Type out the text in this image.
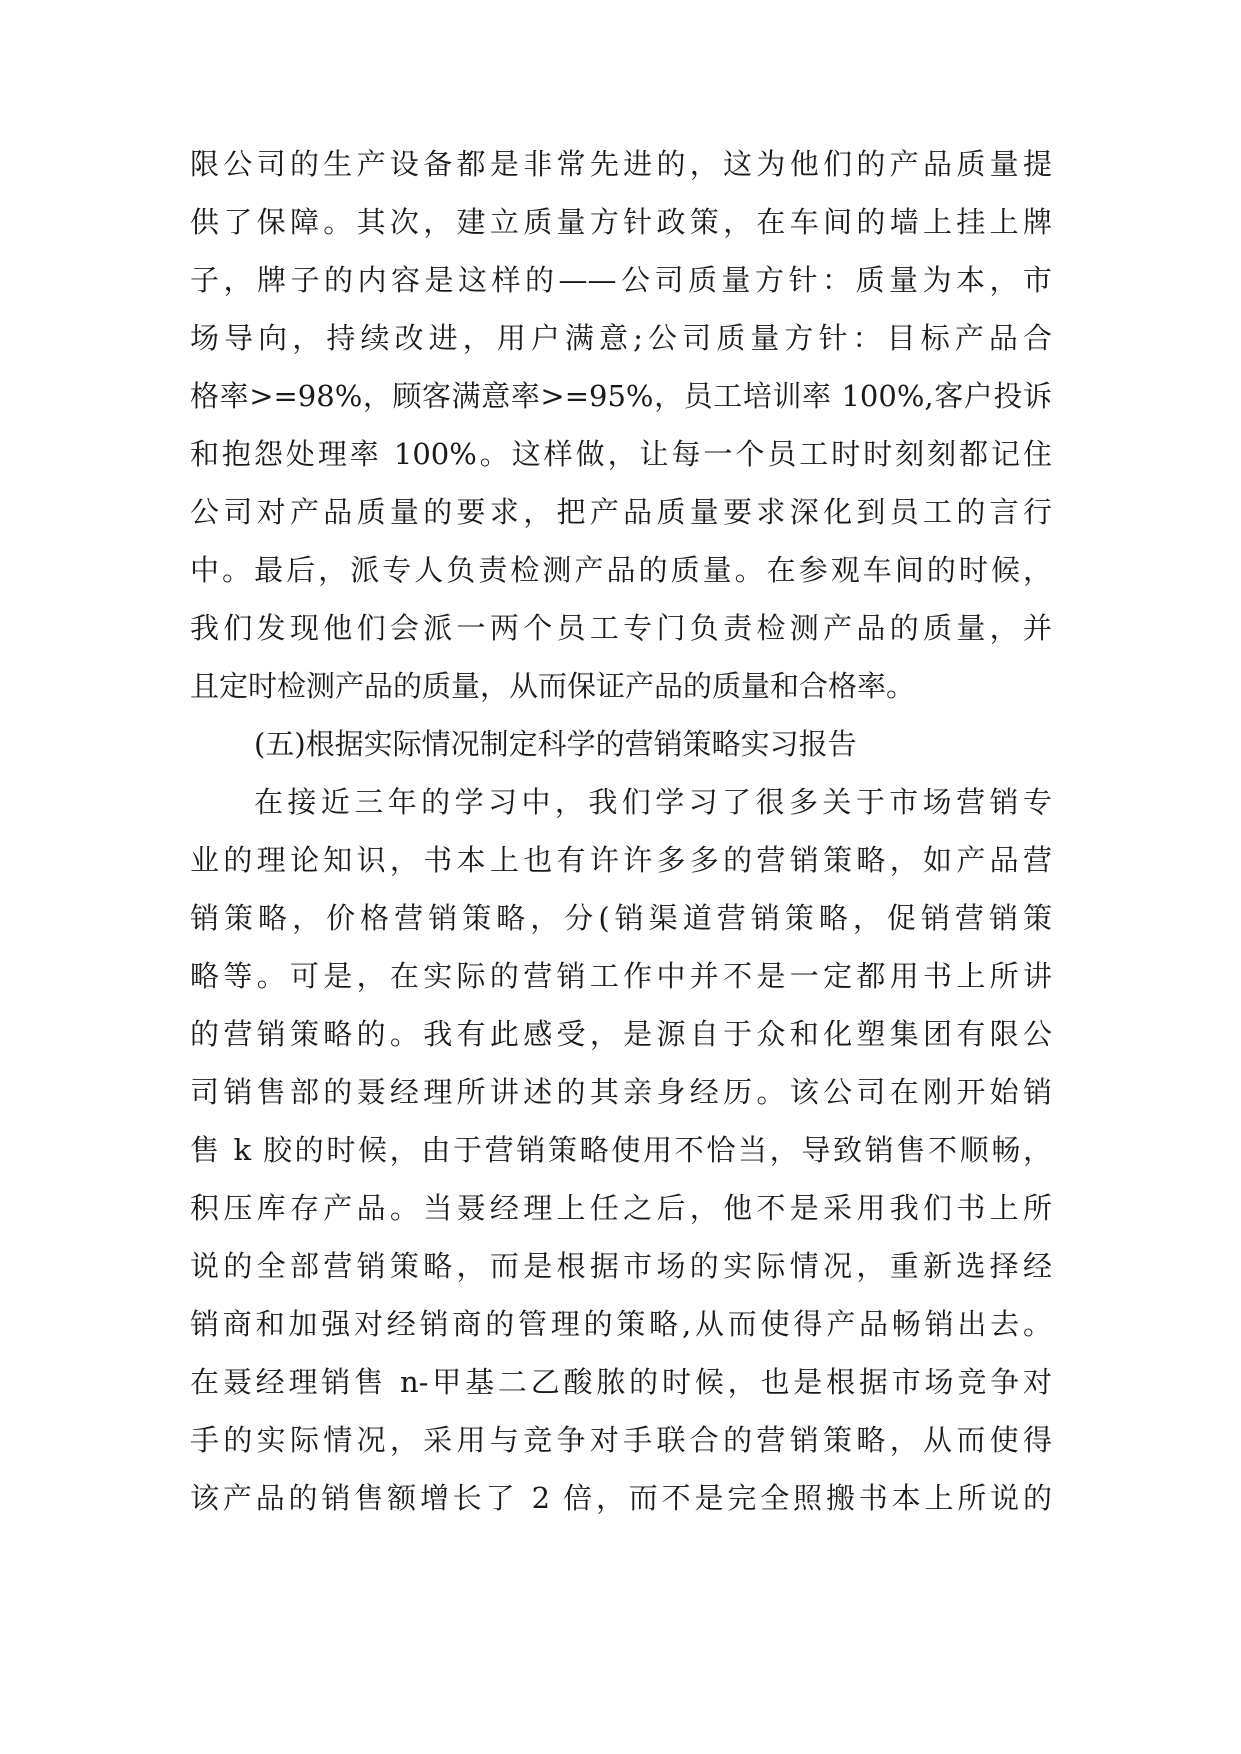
限公司的生产设备都是非常先进的，这为他们的产品质量提
供了保障。其次，建立质量方针政策，在车间的墙上挂上牌
子，牌子的内容是这样的——公司质量方针：质量为本，市
场导向，持续改进，用户满意;公司质量方针：目标产品合
格率>=98%，顾客满意率>=95%，员工培训率 100%,客户投诉
和抱怨处理率 100%。这样做，让每一个员工时时刻刻都记住
公司对产品质量的要求，把产品质量要求深化到员工的言行
中。最后，派专人负责检测产品的质量。在参观车间的时候，
我们发现他们会派一两个员工专门负责检测产品的质量，并
且定时检测产品的质量，从而保证产品的质量和合格率。
(五)根据实际情况制定科学的营销策略实习报告
在接近三年的学习中，我们学习了很多关于市场营销专
业的理论知识，书本上也有许许多多的营销策略，如产品营
销策略，价格营销策略，分(销渠道营销策略，促销营销策
略等。可是，在实际的营销工作中并不是一定都用书上所讲
的营销策略的。我有此感受，是源自于众和化塑集团有限公
司销售部的聂经理所讲述的其亲身经历。该公司在刚开始销
售 k 胶的时候，由于营销策略使用不恰当，导致销售不顺畅，
积压库存产品。当聂经理上任之后，他不是采用我们书上所
说的全部营销策略，而是根据市场的实际情况，重新选择经
销商和加强对经销商的管理的策略,从而使得产品畅销出去。
在聂经理销售 n-甲基二乙酸脓的时候，也是根据市场竞争对
手的实际情况，采用与竞争对手联合的营销策略，从而使得
该产品的销售额增长了 2 倍，而不是完全照搬书本上所说的
